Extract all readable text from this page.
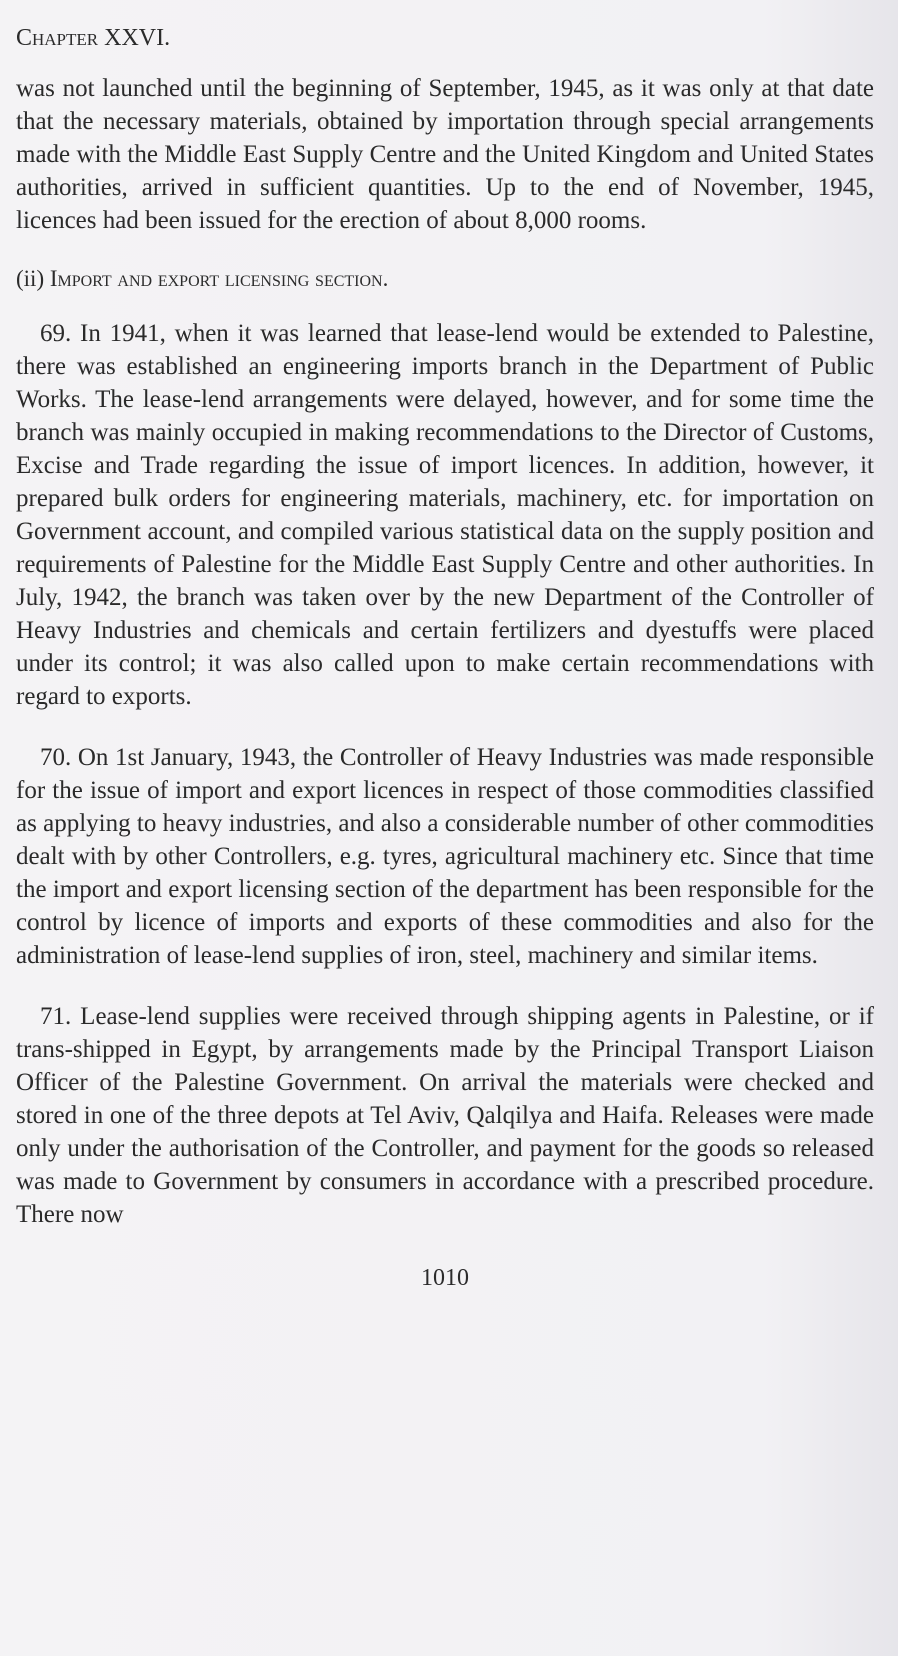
Chapter XXVI.

was not launched until the beginning of September, 1945, as it was only at that date that the necessary materials, obtained by importation through special arrangements made with the Middle East Supply Centre and the United Kingdom and United States authorities, arrived in sufficient quantities. Up to the end of November, 1945, licences had been issued for the erection of about 8,000 rooms.

(ii) Import and export licensing section.

69. In 1941, when it was learned that lease-lend would be extended to Palestine, there was established an engineering imports branch in the Department of Public Works. The lease-lend arrangements were delayed, however, and for some time the branch was mainly occupied in making recommendations to the Director of Customs, Excise and Trade regarding the issue of import licences. In addition, however, it prepared bulk orders for engineering materials, machinery, etc. for importation on Government account, and compiled various statistical data on the supply position and requirements of Palestine for the Middle East Supply Centre and other authorities. In July, 1942, the branch was taken over by the new Department of the Controller of Heavy Industries and chemicals and certain fertilizers and dyestuffs were placed under its control; it was also called upon to make certain recommendations with regard to exports.

70. On 1st January, 1943, the Controller of Heavy Industries was made responsible for the issue of import and export licences in respect of those commodities classified as applying to heavy industries, and also a considerable number of other commodities dealt with by other Controllers, e.g. tyres, agricultural machinery etc. Since that time the import and export licensing section of the department has been responsible for the control by licence of imports and exports of these commodities and also for the administration of lease-lend supplies of iron, steel, machinery and similar items.

71. Lease-lend supplies were received through shipping agents in Palestine, or if trans-shipped in Egypt, by arrangements made by the Principal Transport Liaison Officer of the Palestine Government. On arrival the materials were checked and stored in one of the three depots at Tel Aviv, Qalqilya and Haifa. Releases were made only under the authorisation of the Controller, and payment for the goods so released was made to Government by consumers in accordance with a prescribed procedure. There now

1010
